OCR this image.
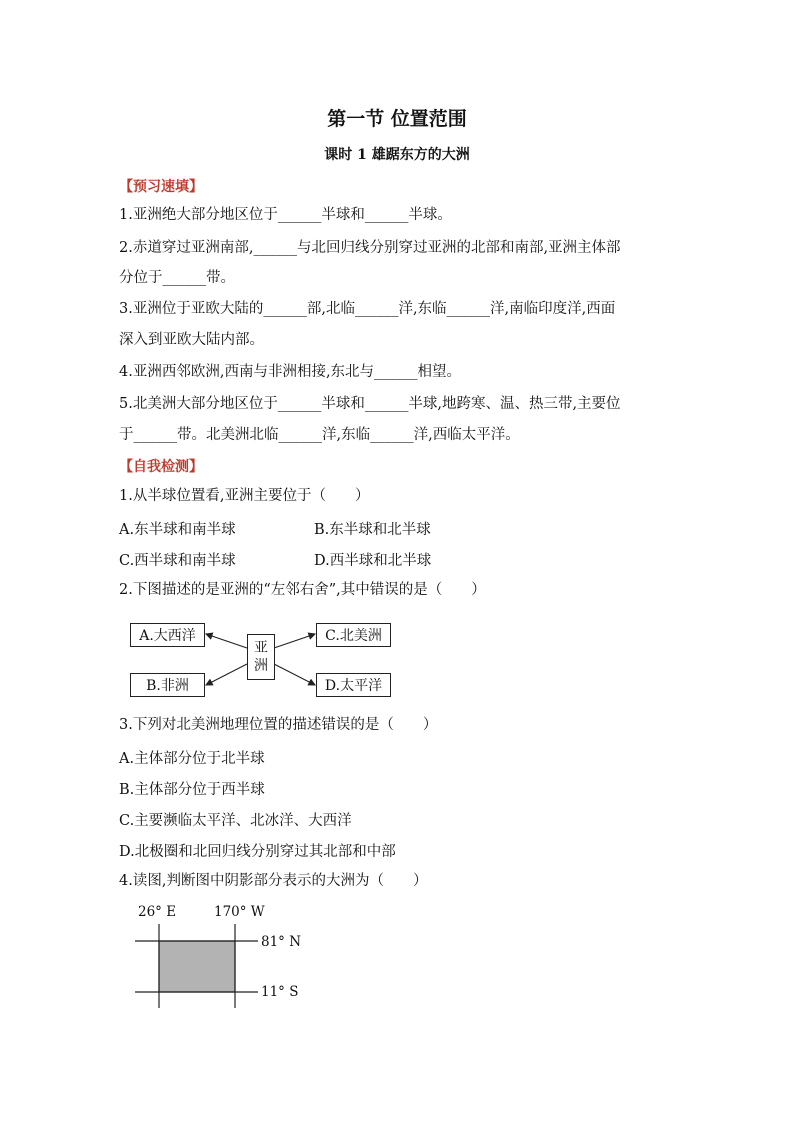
第一节 位置范围
课时 1 雄踞东方的大洲
【预习速填】
1.亚洲绝大部分地区位于______半球和______半球。
2.赤道穿过亚洲南部,______与北回归线分别穿过亚洲的北部和南部,亚洲主体部
分位于______带。
3.亚洲位于亚欧大陆的______部,北临______洋,东临______洋,南临印度洋,西面
深入到亚欧大陆内部。
4.亚洲西邻欧洲,西南与非洲相接,东北与______相望。
5.北美洲大部分地区位于______半球和______半球,地跨寒、温、热三带,主要位
于______带。北美洲北临______洋,东临______洋,西临太平洋。
【自我检测】
1.从半球位置看,亚洲主要位于（　　）
A.东半球和南半球	B.东半球和北半球
C.西半球和南半球	D.西半球和北半球
2.下图描述的是亚洲的“左邻右舍”,其中错误的是（　　）
A.大西洋
B.非洲
C.北美洲
D.太平洋
亚
洲
3.下列对北美洲地理位置的描述错误的是（　　）
A.主体部分位于北半球
B.主体部分位于西半球
C.主要濒临太平洋、北冰洋、大西洋
D.北极圈和北回归线分别穿过其北部和中部
4.读图,判断图中阴影部分表示的大洲为（　　）
26° E	170° W
81° N
11° S
